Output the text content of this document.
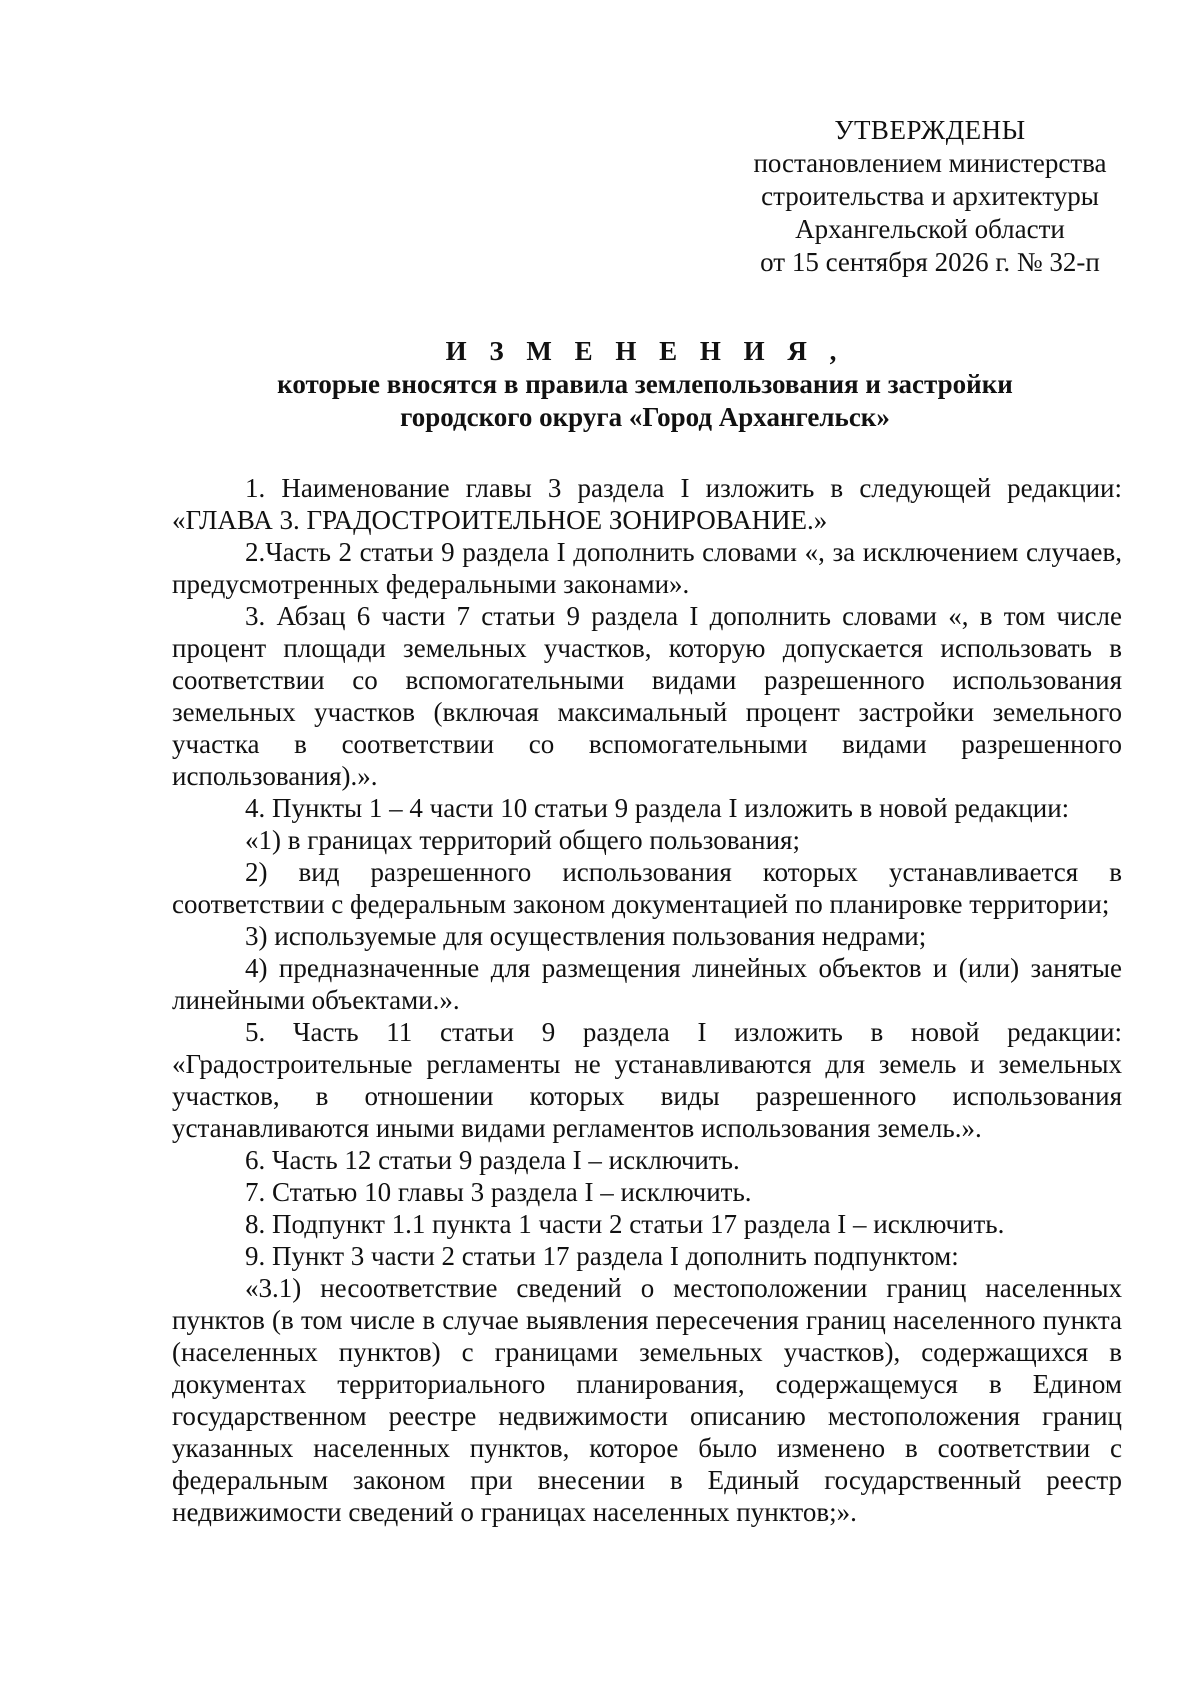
УТВЕРЖДЕНЫ
постановлением министерства
строительства и архитектуры
Архангельской области
от 15 сентября 2026 г. № 32-п
И З М Е Н Е Н И Я ,
которые вносятся в правила землепользования и застройки
городского округа «Город Архангельск»

1. Наименование главы 3 раздела I изложить в следующей редакции: «ГЛАВА 3. ГРАДОСТРОИТЕЛЬНОЕ ЗОНИРОВАНИЕ.»

2.Часть 2 статьи 9 раздела I дополнить словами «, за исключением случаев, предусмотренных федеральными законами».

3. Абзац 6 части 7 статьи 9 раздела I дополнить словами «, в том числе процент площади земельных участков, которую допускается использовать в соответствии со вспомогательными видами разрешенного использования земельных участков (включая максимальный процент застройки земельного участка в соответствии со вспомогательными видами разрешенного использования).».

4. Пункты 1 – 4 части 10 статьи 9 раздела I изложить в новой редакции:

«1) в границах территорий общего пользования;

2) вид разрешенного использования которых устанавливается в соответствии с федеральным законом документацией по планировке территории;

3) используемые для осуществления пользования недрами;

4) предназначенные для размещения линейных объектов и (или) занятые линейными объектами.».

5. Часть 11 статьи 9 раздела I изложить в новой редакции: «Градостроительные регламенты не устанавливаются для земель и земельных участков, в отношении которых виды разрешенного использования устанавливаются иными видами регламентов использования земель.».

6. Часть 12 статьи 9 раздела I – исключить.

7. Статью 10 главы 3 раздела I – исключить.

8. Подпункт 1.1 пункта 1 части 2 статьи 17 раздела I – исключить.

9. Пункт 3 части 2 статьи 17 раздела I дополнить подпунктом:

«3.1) несоответствие сведений о местоположении границ населенных пунктов (в том числе в случае выявления пересечения границ населенного пункта (населенных пунктов) с границами земельных участков), содержащихся в документах территориального планирования, содержащемуся в Едином государственном реестре недвижимости описанию местоположения границ указанных населенных пунктов, которое было изменено в соответствии с федеральным законом при внесении в Единый государственный реестр недвижимости сведений о границах населенных пунктов;».
